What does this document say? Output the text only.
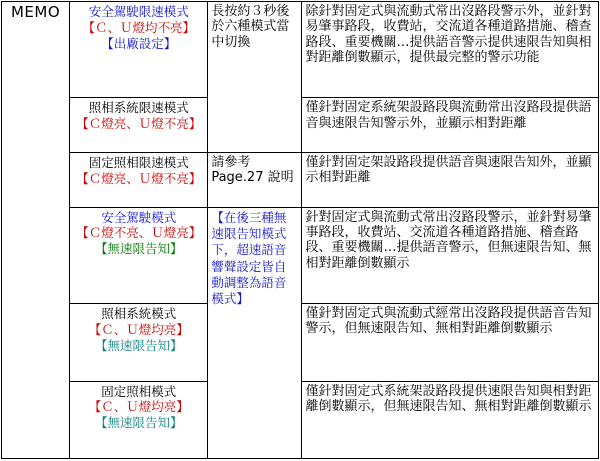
MEMO	安全駕駛限速模式
【Ｃ、Ｕ燈均不亮】
【出廠設定】	長按約３秒後於六種模式當中切換	除針對固定式與流動式常出沒路段警示外，並針對易肇事路段，收費站，交流道各種道路措施、稽查路段、重要機關…提供語音警示提供速限告知與相對距離倒數顯示，提供最完整的警示功能

	照相系統限速模式
【Ｃ燈亮、Ｕ燈不亮】		僅針對固定系統架設路段與流動常出沒路段提供語音與速限告知警示外，並顯示相對距離

	固定照相限速模式
【Ｃ燈亮、Ｕ燈不亮】	請參考Page.27 說明	僅針對固定架設路段提供語音與速限告知外，並顯示相對距離

	安全駕駛模式
【Ｃ燈不亮、Ｕ燈亮】
【無速限告知】	【在後三種無速限告知模式下，超速語音響聲設定皆自動調整為語音模式】	針對固定式與流動式常出沒路段警示，並針對易肇事路段，收費站、交流道各種道路措施、稽查路段、重要機關…提供語音警示，但無速限告知、無相對距離倒數顯示

	照相系統模式
【Ｃ、Ｕ燈均亮】
【無速限告知】		僅針對固定式與流動式經常出沒路段提供語音告知警示，但無速限告知、無相對距離倒數顯示

	固定照相模式
【Ｃ、Ｕ燈均亮】
【無速限告知】		僅針對固定式系統架設路段提供速限告知與相對距離倒數顯示，但無速限告知、無相對距離倒數顯示
